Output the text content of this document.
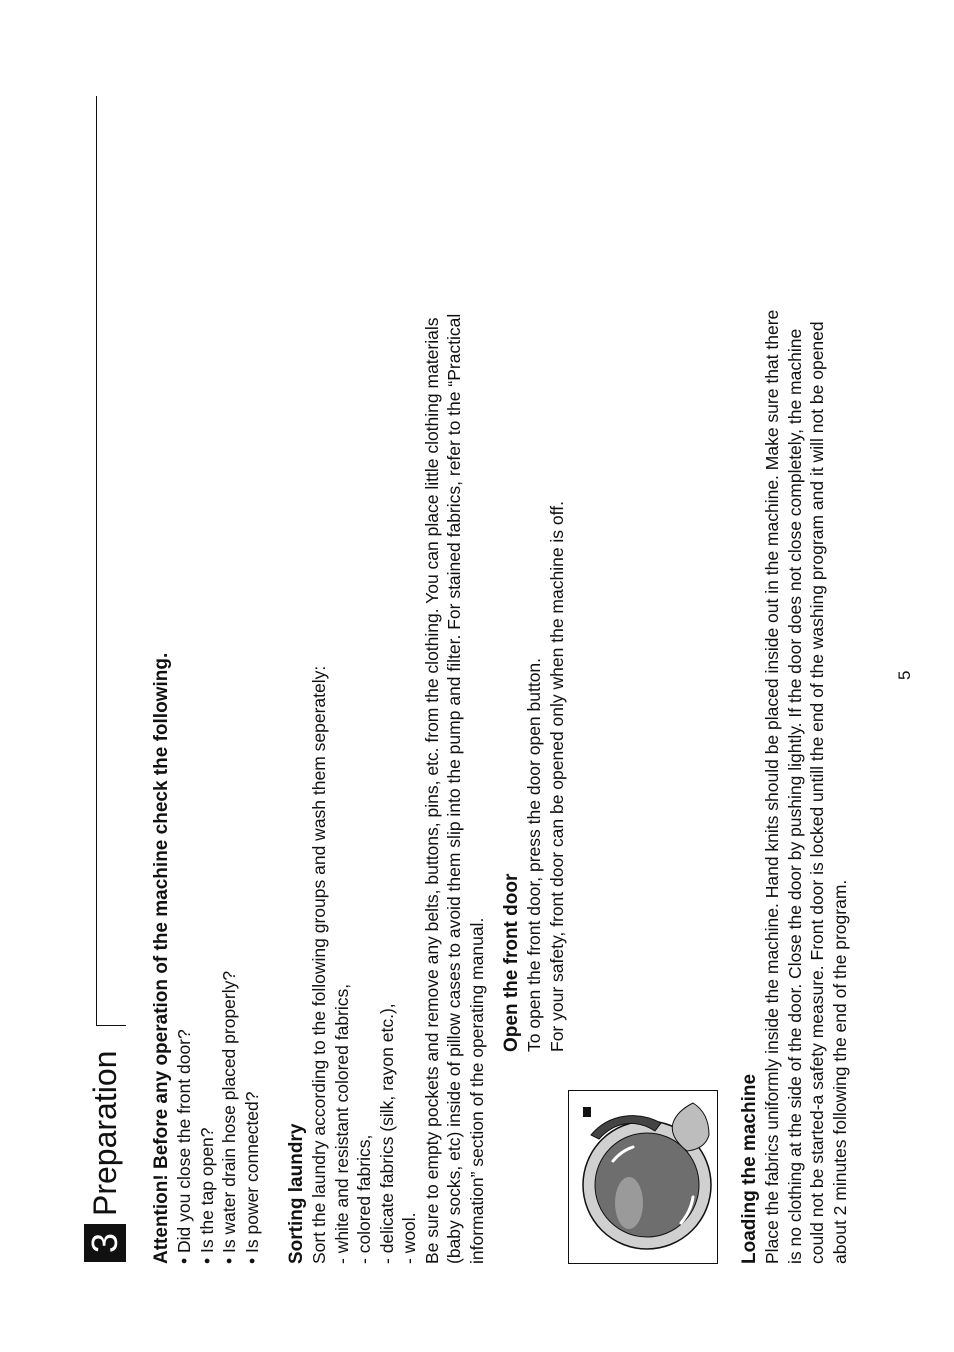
3
Preparation Attention! Before any operation of the machine check the following. • Did you close the front door? • Is the tap open? • Is water drain hose placed properly? • Is power connected? Sorting laundry Sort the laundry according to the following groups and wash them seperately: - white and resistant colored fabrics, - colored fabrics, - delicate fabrics (silk, rayon etc.), - wool. Be sure to empty pockets and remove any belts, buttons, pins, etc. from the clothing. You can place little clothing materials (baby socks, etc) inside of pillow cases to avoid them slip into the pump and filter. For stained fabrics, refer to the “Practical information” section of the operating manual. Open the front door To open the front door, press the door open button. For your safety, front door can be opened only when the machine is off.
Loading the machine Place the fabrics uniformly inside the machine. Hand knits should be placed inside out in the machine. Make sure that there is no clothing at the side of the door. Close the door by pushing lightly. If the door does not close completely, the machine could not be started-a safety measure. Front door is locked untill the end of the washing program and it will not be opened about 2 minutes following the end of the program.
5
